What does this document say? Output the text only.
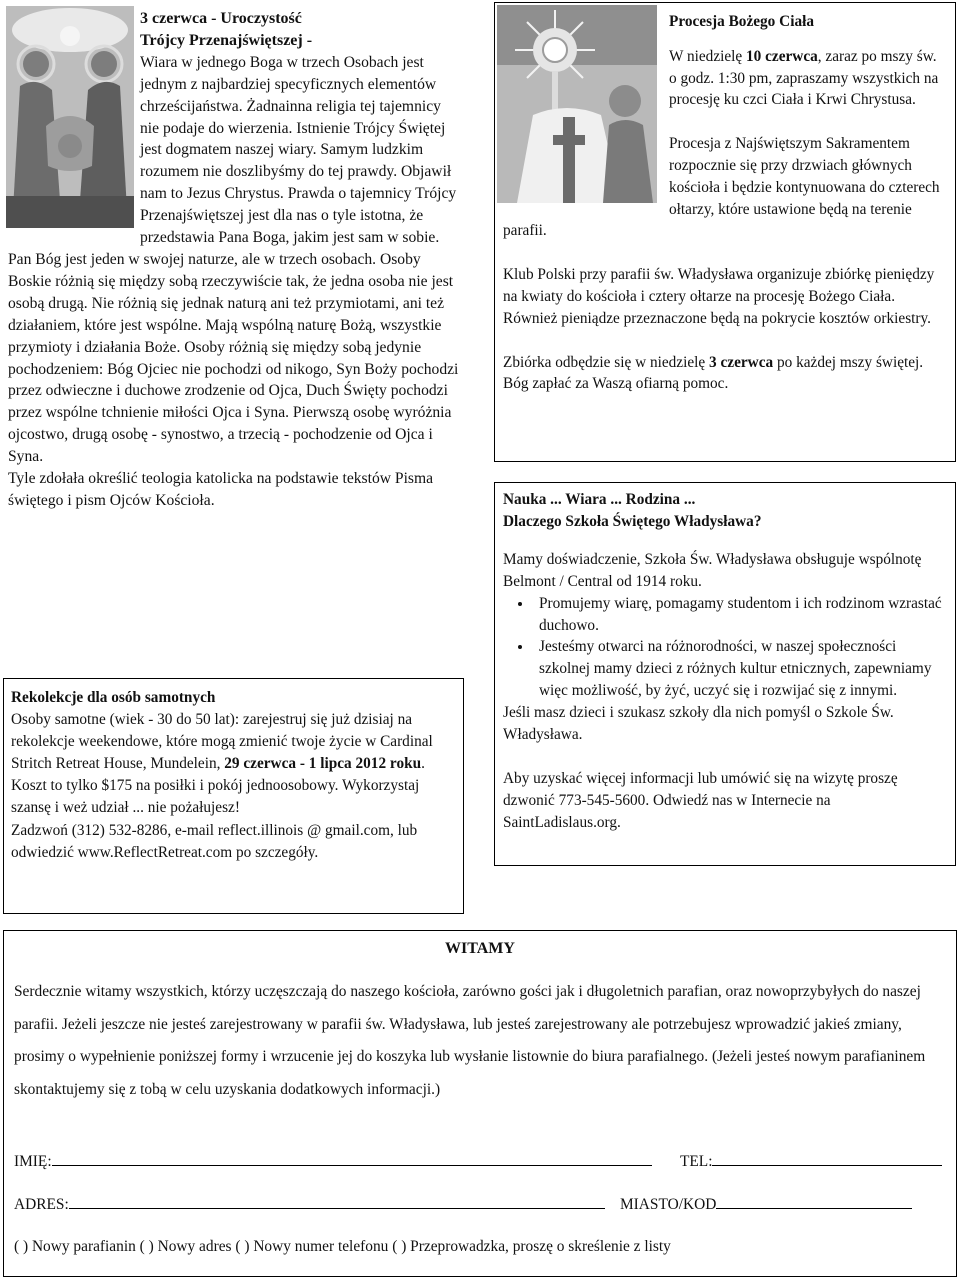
3 czerwca - Uroczystość

Trójcy Przenajświętszej -

Wiara w jednego Boga w trzech Osobach jest jednym z najbardziej specyficznych elementów chrześcijaństwa. Żadnainna religia tej tajemnicy nie podaje do wierzenia. Istnienie Trójcy Świętej jest dogmatem naszej wiary. Samym ludzkim rozumem nie doszlibyśmy do tej prawdy. Objawił nam to Jezus Chrystus. Prawda o tajemnicy Trójcy Przenajświętszej jest dla nas o tyle istotna, że przedstawia Pana Boga, jakim jest sam w sobie.

Pan Bóg jest jeden w swojej naturze, ale w trzech osobach. Osoby Boskie różnią się między sobą rzeczywiście tak, że jedna osoba nie jest osobą drugą. Nie różnią się jednak naturą ani też przymiotami, ani też działaniem, które jest wspólne. Mają wspólną naturę Bożą, wszystkie przymioty i działania Boże. Osoby różnią się między sobą jedynie pochodzeniem: Bóg Ojciec nie pochodzi od nikogo, Syn Boży pochodzi przez odwieczne i duchowe zrodzenie od Ojca, Duch Święty pochodzi przez wspólne tchnienie miłości Ojca i Syna. Pierwszą osobę wyróżnia ojcostwo, drugą osobę - synostwo, a trzecią - pochodzenie od Ojca i Syna.

Tyle zdołała określić teologia katolicka na podstawie tekstów Pisma świętego i pism Ojców Kościoła.

Rekolekcje dla osób samotnych

Osoby samotne (wiek - 30 do 50 lat): zarejestruj się już dzisiaj na rekolekcje weekendowe, które mogą zmienić twoje życie w Cardinal Stritch Retreat House, Mundelein, 29 czerwca - 1 lipca 2012 roku. Koszt to tylko $175 na posiłki i pokój jednoosobowy. Wykorzystaj szansę i weż udział ... nie pożałujesz!

Zadzwoń (312) 532-8286, e-mail reflect.illinois @ gmail.com, lub odwiedzić www.ReflectRetreat.com po szczegóły.

Procesja Bożego Ciała

W niedzielę 10 czerwca, zaraz po mszy św. o godz. 1:30 pm, zapraszamy wszystkich na procesję ku czci Ciała i Krwi Chrystusa.

Procesja z Najświętszym Sakramentem rozpocznie się przy drzwiach głównych kościoła i będzie kontynuowana do czterech ołtarzy, które ustawione będą na terenie parafii.

Klub Polski przy parafii św. Władysława organizuje zbiórkę pieniędzy na kwiaty do kościoła i cztery ołtarze na procesję Bożego Ciała. Również pieniądze przeznaczone będą na pokrycie kosztów orkiestry.

Zbiórka odbędzie się w niedzielę 3 czerwca po każdej mszy świętej.

Bóg zapłać za Waszą ofiarną pomoc.

Nauka ... Wiara ... Rodzina ...

Dlaczego Szkoła Świętego Władysława?

Mamy doświadczenie, Szkoła Św. Władysława obsługuje wspólnotę Belmont / Central od 1914 roku.

• Promujemy wiarę, pomagamy studentom i ich rodzinom wzrastać duchowo.
• Jesteśmy otwarci na różnorodności, w naszej społeczności szkolnej mamy dzieci z różnych kultur etnicznych, zapewniamy więc możliwość, by żyć, uczyć się i rozwijać się z innymi.

Jeśli masz dzieci i szukasz szkoły dla nich pomyśl o Szkole Św. Władysława.

Aby uzyskać więcej informacji lub umówić się na wizytę proszę dzwonić 773-545-5600. Odwiedź nas w Internecie na SaintLadislaus.org.

WITAMY

Serdecznie witamy wszystkich, którzy uczęszczają do naszego kościoła, zarówno gości jak i długoletnich parafian, oraz nowoprzybyłych do naszej parafii. Jeżeli jeszcze nie jesteś zarejestrowany w parafii św. Władysława, lub jesteś zarejestrowany ale potrzebujesz wprowadzić jakieś zmiany, prosimy o wypełnienie poniższej formy i wrzucenie jej do koszyka lub wysłanie listownie do biura parafialnego. (Jeżeli jesteś nowym parafianinem skontaktujemy się z tobą w celu uzyskania dodatkowych informacji.)

IMIĘ:	TEL:
ADRES:	MIASTO/KOD
( ) Nowy parafianin ( ) Nowy adres ( ) Nowy numer telefonu ( ) Przeprowadzka, proszę o skreślenie z listy
